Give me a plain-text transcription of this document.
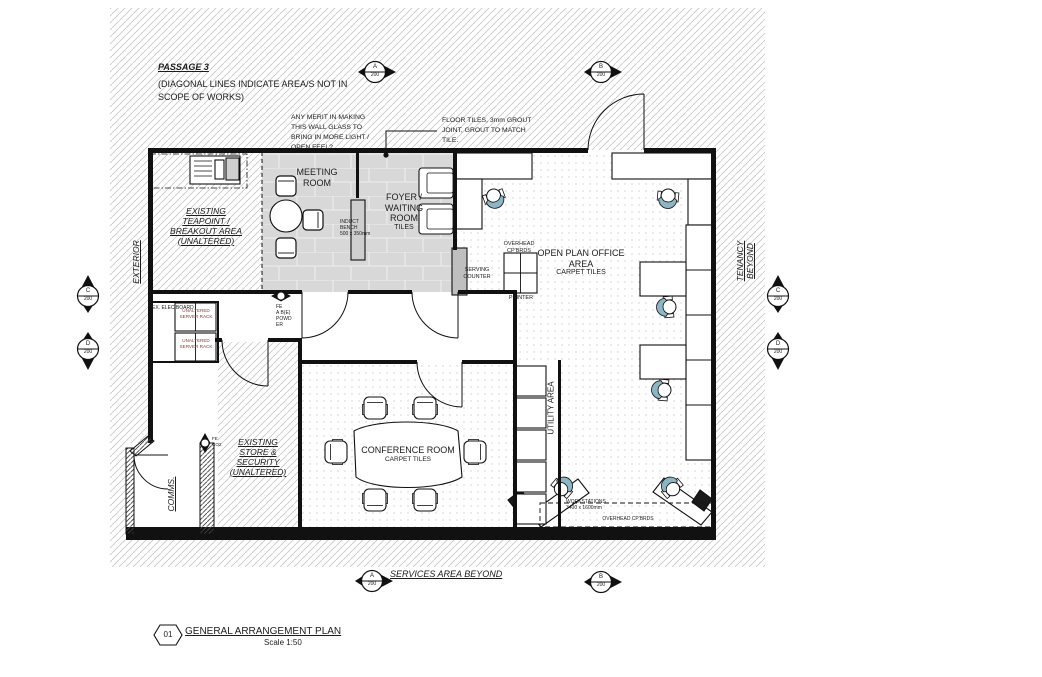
PASSAGE 3
(DIAGONAL LINES INDICATE AREA/S NOT IN
SCOPE OF WORKS)
ANY MERIT IN MAKING
THIS WALL GLASS TO
BRING IN MORE LIGHT /
OPEN FEEL?
FLOOR TILES, 3mm GROUT
JOINT, GROUT TO MATCH
TILE.
MEETING
ROOM
FOYER /
WAITING
ROOM
TILES
EXISTING
TEAPOINT /
BREAKOUT AREA
(UNALTERED)
OPEN PLAN OFFICE
AREA
CARPET TILES
CONFERENCE ROOM
CARPET TILES
EXISTING
STORE &
SECURITY
(UNALTERED)
COMMS.
UTILITY AREA
EXTERIOR	TENANCY BEYOND
SERVICES AREA BEYOND
OVERHEAD
CP'BRDS
SERVING
COUNTER
PRINTER
INDUCT
BENCH
500 x 350mm
EX. ELEC BOARD
UNALTERED
SERVER RACK
UNALTERED
SERVER RACK
FE
A B(E)
POWD
ER
FE
CO2
WORKSTATIONS
3400 x 1600mm
OVERHEAD CP'BRDS
A
200
B
200
C
200
D
200
C
200
D
200
A
200
B
200
01 GENERAL ARRANGEMENT PLAN
Scale 1:50
